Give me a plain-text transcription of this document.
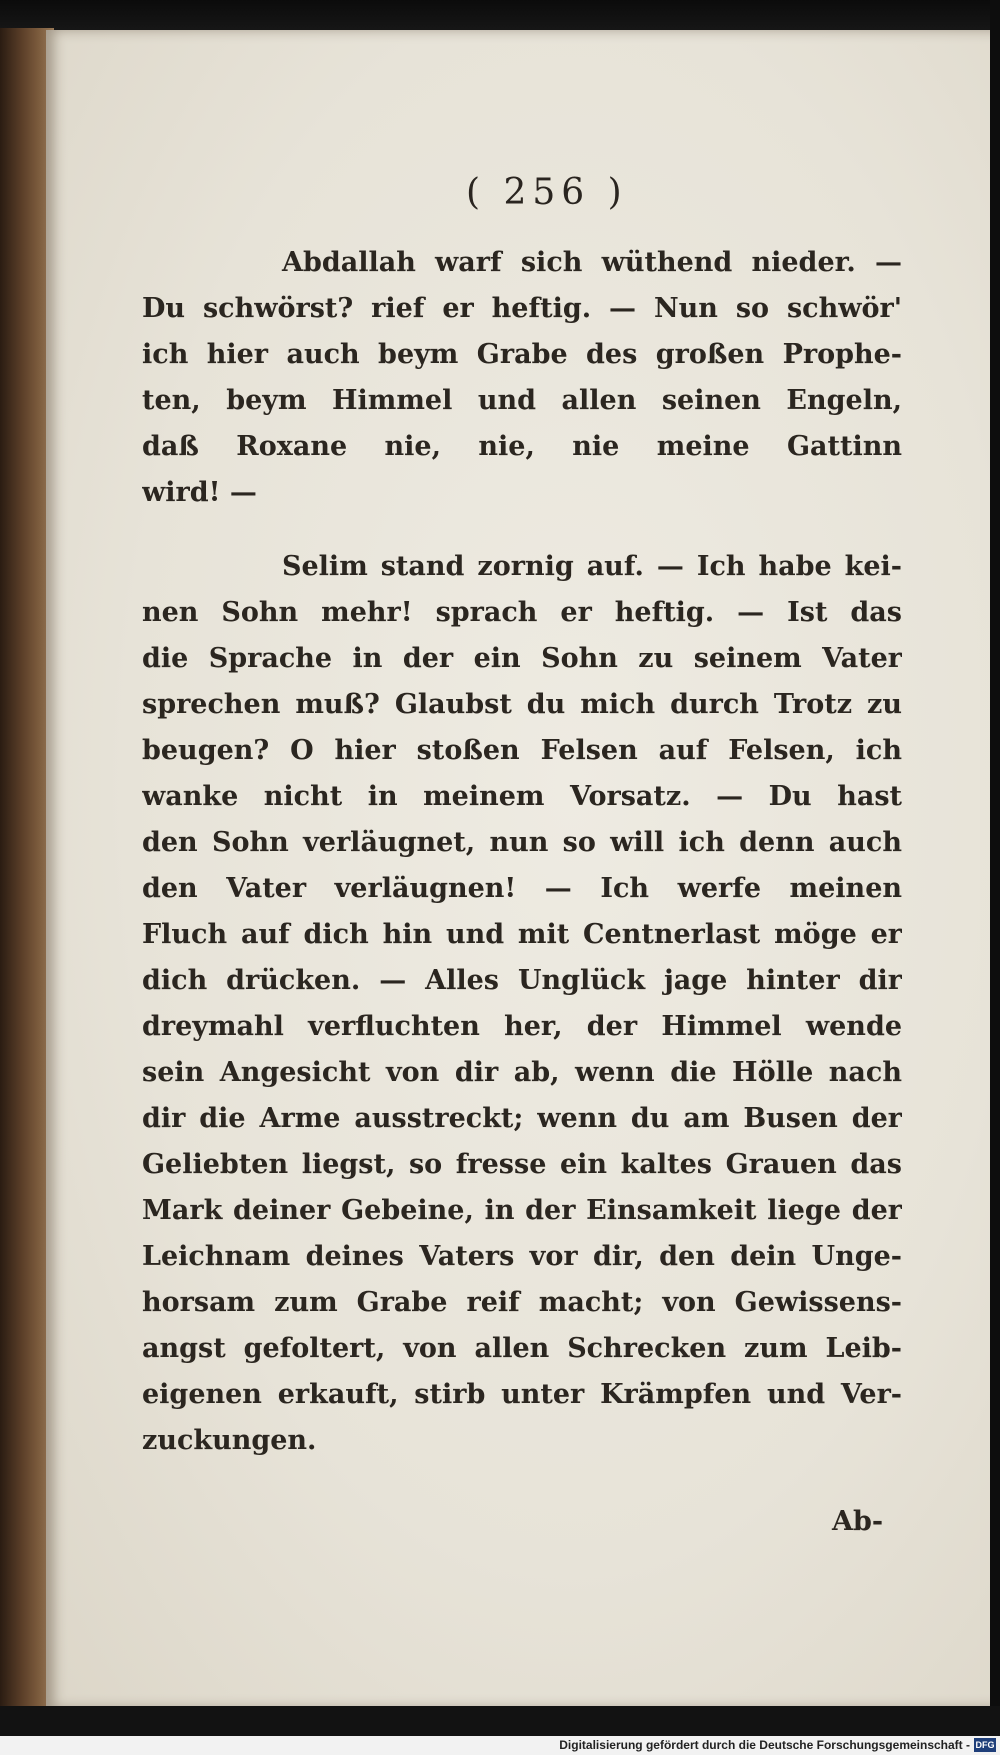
( 256 )
Abdallah warf sich wüthend nieder. —
Du schwörst? rief er heftig. — Nun so schwör'
ich hier auch beym Grabe des großen Prophe-
ten, beym Himmel und allen seinen Engeln,
daß Roxane nie, nie, nie meine Gattinn
wird! —
Selim stand zornig auf. — Ich habe kei-
nen Sohn mehr! sprach er heftig. — Ist das
die Sprache in der ein Sohn zu seinem Vater
sprechen muß? Glaubst du mich durch Trotz zu
beugen? O hier stoßen Felsen auf Felsen, ich
wanke nicht in meinem Vorsatz. — Du hast
den Sohn verläugnet, nun so will ich denn auch
den Vater verläugnen! — Ich werfe meinen
Fluch auf dich hin und mit Centnerlast möge er
dich drücken. — Alles Unglück jage hinter dir
dreymahl verfluchten her, der Himmel wende
sein Angesicht von dir ab, wenn die Hölle nach
dir die Arme ausstreckt; wenn du am Busen der
Geliebten liegst, so fresse ein kaltes Grauen das
Mark deiner Gebeine, in der Einsamkeit liege der
Leichnam deines Vaters vor dir, den dein Unge-
horsam zum Grabe reif macht; von Gewissens-
angst gefoltert, von allen Schrecken zum Leib-
eigenen erkauft, stirb unter Krämpfen und Ver-
zuckungen.
Ab-
Digitalisierung gefördert durch die Deutsche Forschungsgemeinschaft - DFG
